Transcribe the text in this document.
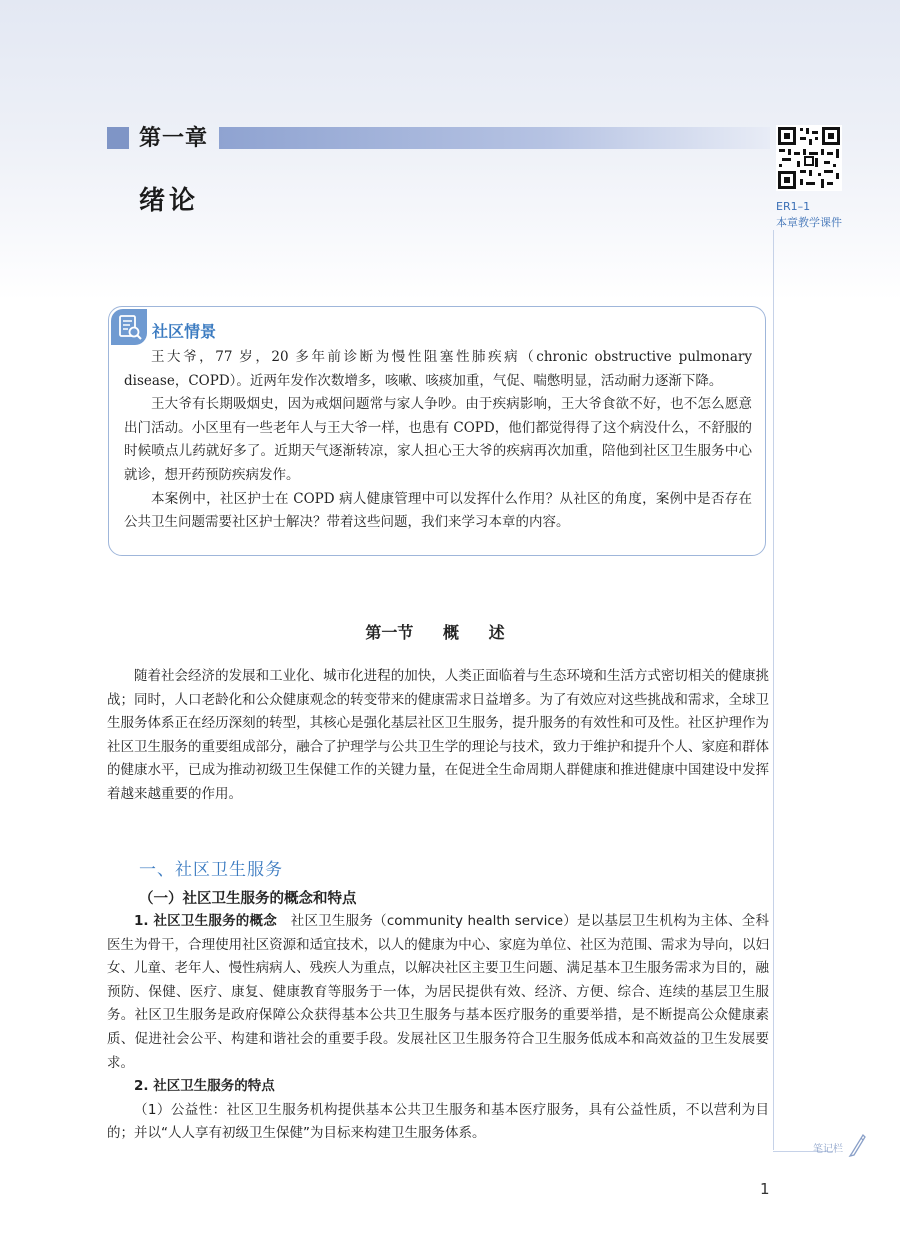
第一章
绪论	ER1–1
本章教学课件
社区情景

王大爷，77 岁，20 多年前诊断为慢性阻塞性肺疾病（chronic obstructive pulmonary disease，COPD）。近两年发作次数增多，咳嗽、咳痰加重，气促、喘憋明显，活动耐力逐渐下降。

王大爷有长期吸烟史，因为戒烟问题常与家人争吵。由于疾病影响，王大爷食欲不好，也不怎么愿意出门活动。小区里有一些老年人与王大爷一样，也患有 COPD，他们都觉得得了这个病没什么，不舒服的时候喷点儿药就好多了。近期天气逐渐转凉，家人担心王大爷的疾病再次加重，陪他到社区卫生服务中心就诊，想开药预防疾病发作。

本案例中，社区护士在 COPD 病人健康管理中可以发挥什么作用？从社区的角度，案例中是否存在公共卫生问题需要社区护士解决？带着这些问题，我们来学习本章的内容。

第一节 概 述

随着社会经济的发展和工业化、城市化进程的加快，人类正面临着与生态环境和生活方式密切相关的健康挑战；同时，人口老龄化和公众健康观念的转变带来的健康需求日益增多。为了有效应对这些挑战和需求，全球卫生服务体系正在经历深刻的转型，其核心是强化基层社区卫生服务，提升服务的有效性和可及性。社区护理作为社区卫生服务的重要组成部分，融合了护理学与公共卫生学的理论与技术，致力于维护和提升个人、家庭和群体的健康水平，已成为推动初级卫生保健工作的关键力量，在促进全生命周期人群健康和推进健康中国建设中发挥着越来越重要的作用。

一、社区卫生服务
（一）社区卫生服务的概念和特点

1. 社区卫生服务的概念　 社区卫生服务（community health service）是以基层卫生机构为主体、全科医生为骨干，合理使用社区资源和适宜技术，以人的健康为中心、家庭为单位、社区为范围、需求为导向，以妇女、儿童、老年人、慢性病病人、残疾人为重点，以解决社区主要卫生问题、满足基本卫生服务需求为目的，融预防、保健、医疗、康复、健康教育等服务于一体，为居民提供有效、经济、方便、综合、连续的基层卫生服务。社区卫生服务是政府保障公众获得基本公共卫生服务与基本医疗服务的重要举措，是不断提高公众健康素质、促进社会公平、构建和谐社会的重要手段。发展社区卫生服务符合卫生服务低成本和高效益的卫生发展要求。

2. 社区卫生服务的特点

（1）公益性：社区卫生服务机构提供基本公共卫生服务和基本医疗服务，具有公益性质，不以营利为目的；并以“人人享有初级卫生保健”为目标来构建卫生服务体系。

笔记栏
1
